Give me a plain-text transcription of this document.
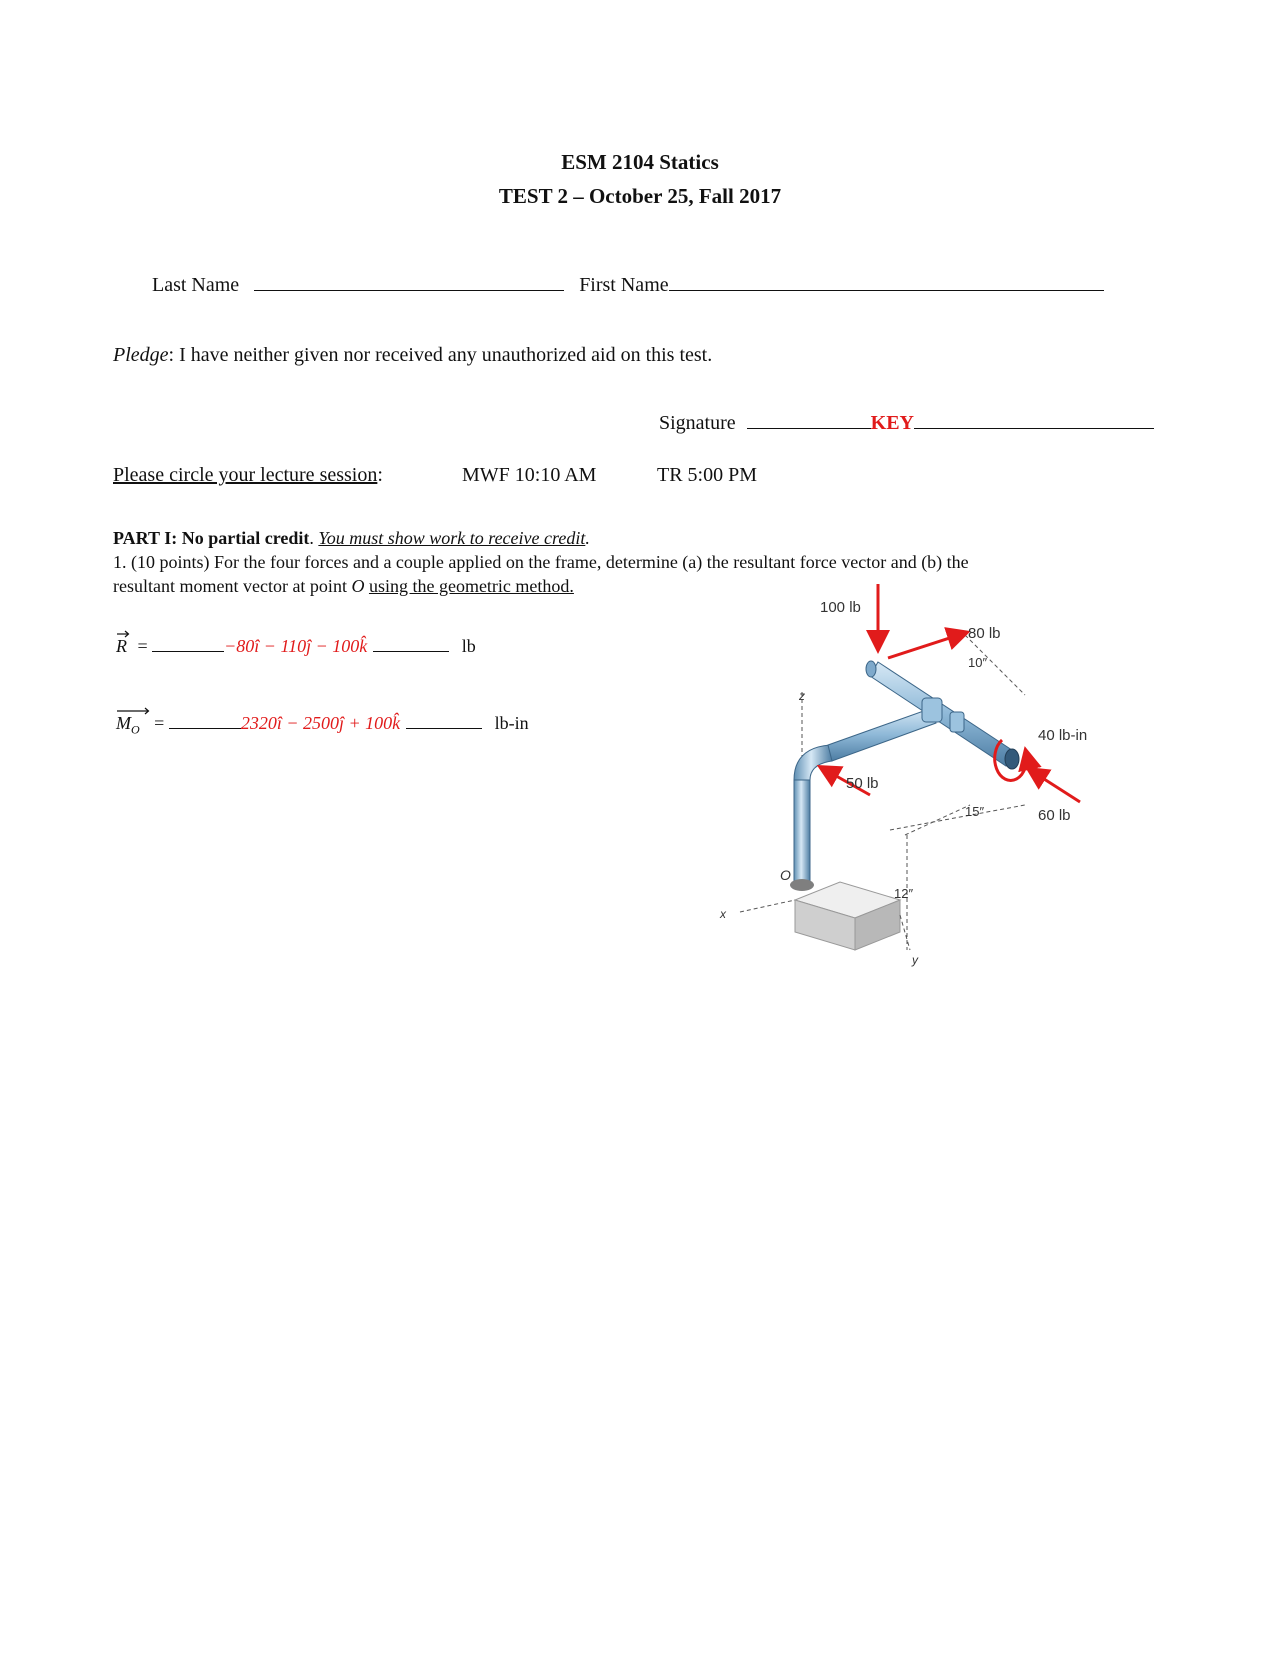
ESM 2104 Statics
TEST 2 – October 25, Fall 2017
Last Name	First Name
Pledge: I have neither given nor received any unauthorized aid on this test.
Signature	KEY
Please circle your lecture session:	MWF 10:10 AM	TR 5:00 PM
PART I: No partial credit. You must show work to receive credit.
1. (10 points) For the four forces and a couple applied on the frame, determine (a) the resultant force vector and (b) the
resultant moment vector at point O using the geometric method.
R =	−80î − 110ĵ − 100k̂	lb
$M_O$ =	2320î − 2500ĵ + 100k̂	lb-in
100 lb
80 lb
10″
40 lb-in
50 lb
15″	60 lb
12″
O
z
x
y
